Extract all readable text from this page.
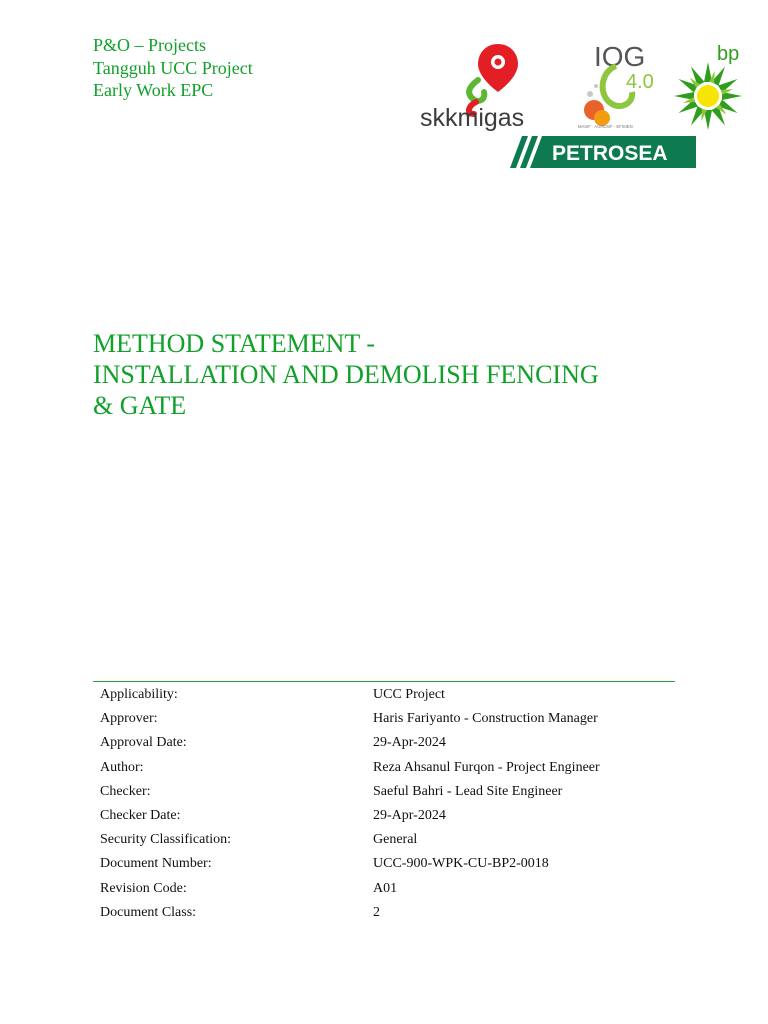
P&O – Projects
Tangguh UCC Project
Early Work EPC
skkmigas
IOG
4.0
MASIF · AGRESIF · EFISIEN
bp
PETROSEA
METHOD STATEMENT -
INSTALLATION AND DEMOLISH FENCING
& GATE
Applicability:	UCC Project
Approver:	Haris Fariyanto - Construction Manager
Approval Date:	29-Apr-2024
Author:	Reza Ahsanul Furqon - Project Engineer
Checker:	Saeful Bahri - Lead Site Engineer
Checker Date:	29-Apr-2024
Security Classification:	General
Document Number:	UCC-900-WPK-CU-BP2-0018
Revision Code:	A01
Document Class:	2
